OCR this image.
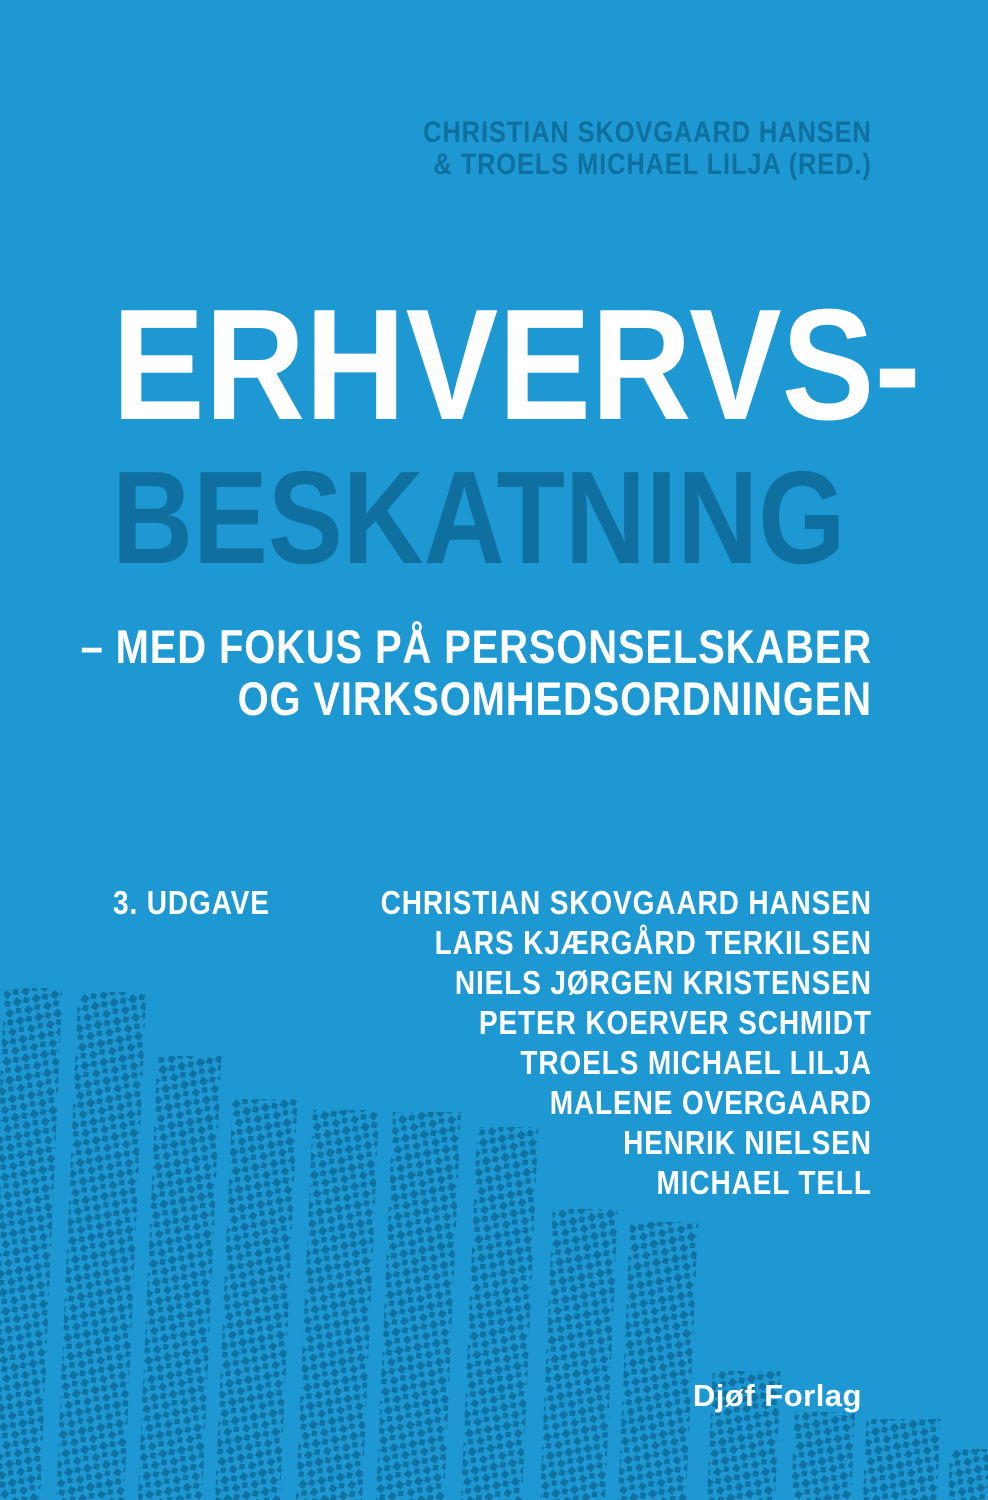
CHRISTIAN SKOVGAARD HANSEN
& TROELS MICHAEL LILJA (RED.)
ERHVERVS-
BESKATNING
– MED FOKUS PÅ PERSONSELSKABER
OG VIRKSOMHEDSORDNINGEN
3. UDGAVE	CHRISTIAN SKOVGAARD HANSEN
LARS KJÆRGÅRD TERKILSEN
NIELS JØRGEN KRISTENSEN
PETER KOERVER SCHMIDT
TROELS MICHAEL LILJA
MALENE OVERGAARD
HENRIK NIELSEN
MICHAEL TELL
Djøf Forlag
